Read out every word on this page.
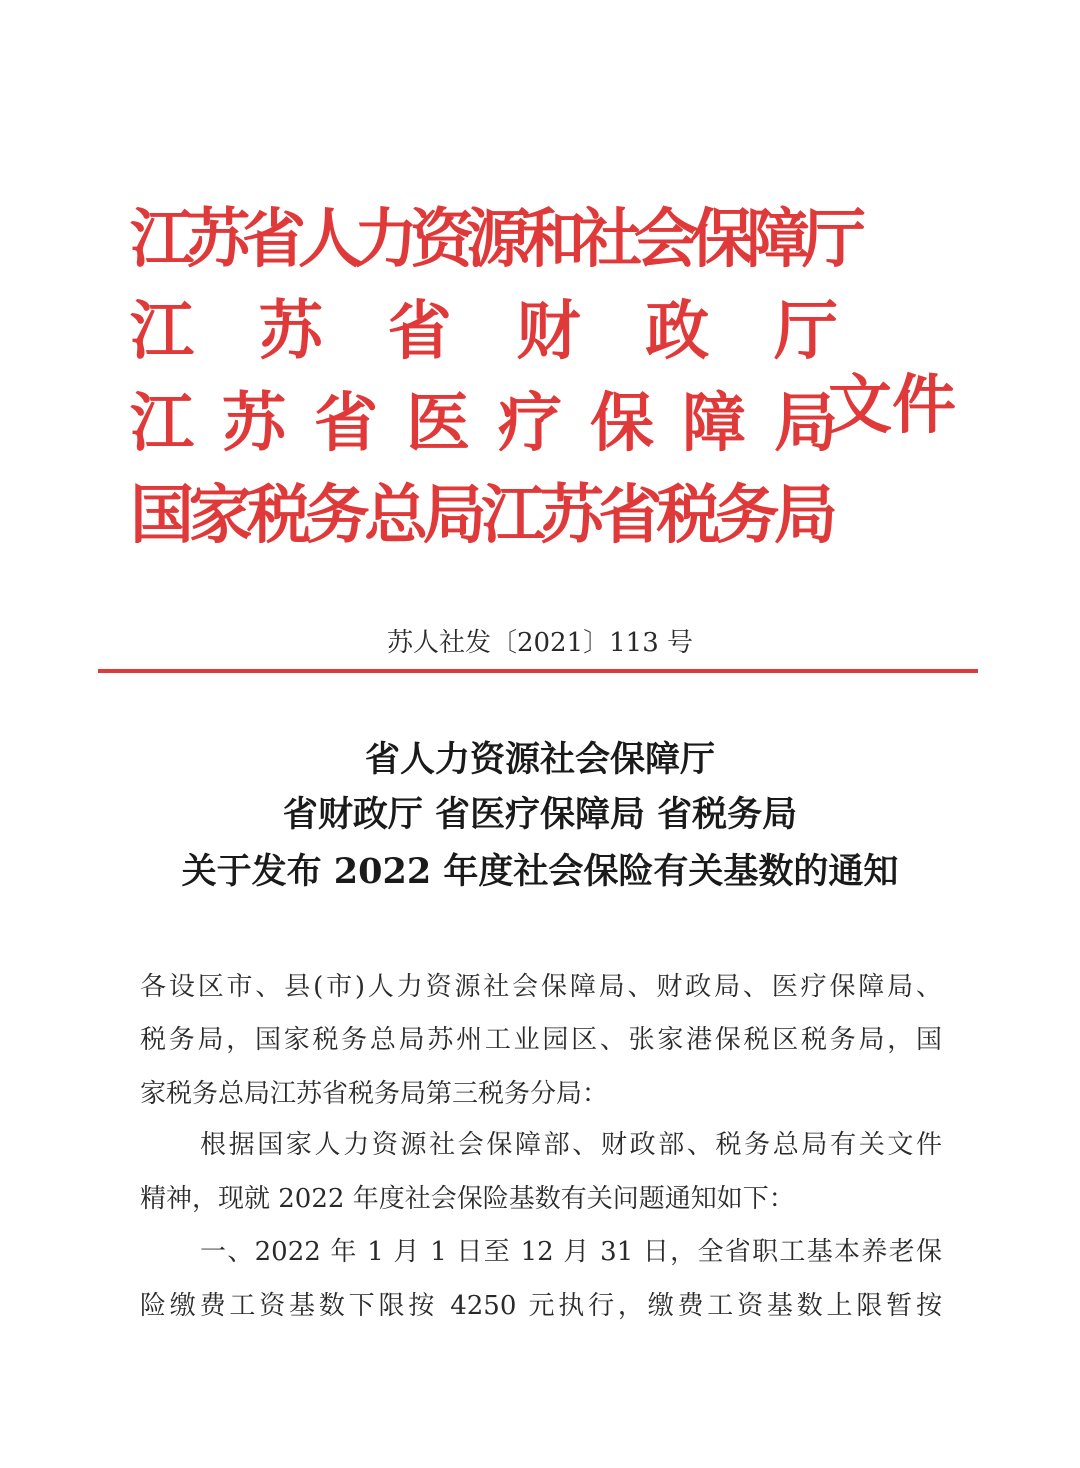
江
苏
省
人
力
资
源
和
社
会
保
障
厅
江 苏 省 财 政 厅
江 苏 省 医 疗 保 障 局
国
家
税
务
总
局
江
苏
省
税
务
局
文件
苏人社发〔2021〕113 号
省人力资源社会保障厅
省财政厅 省医疗保障局 省税务局
关于发布 2022 年度社会保险有关基数的通知
各设区市、县(市)人力资源社会保障局、财政局、医疗保障局、
税务局，国家税务总局苏州工业园区、张家港保税区税务局，国
家税务总局江苏省税务局第三税务分局：
根据国家人力资源社会保障部、财政部、税务总局有关文件
精神，现就 2022 年度社会保险基数有关问题通知如下：
一、2022 年 1 月 1 日至 12 月 31 日，全省职工基本养老保
险缴费工资基数下限按 4250 元执行，缴费工资基数上限暂按
